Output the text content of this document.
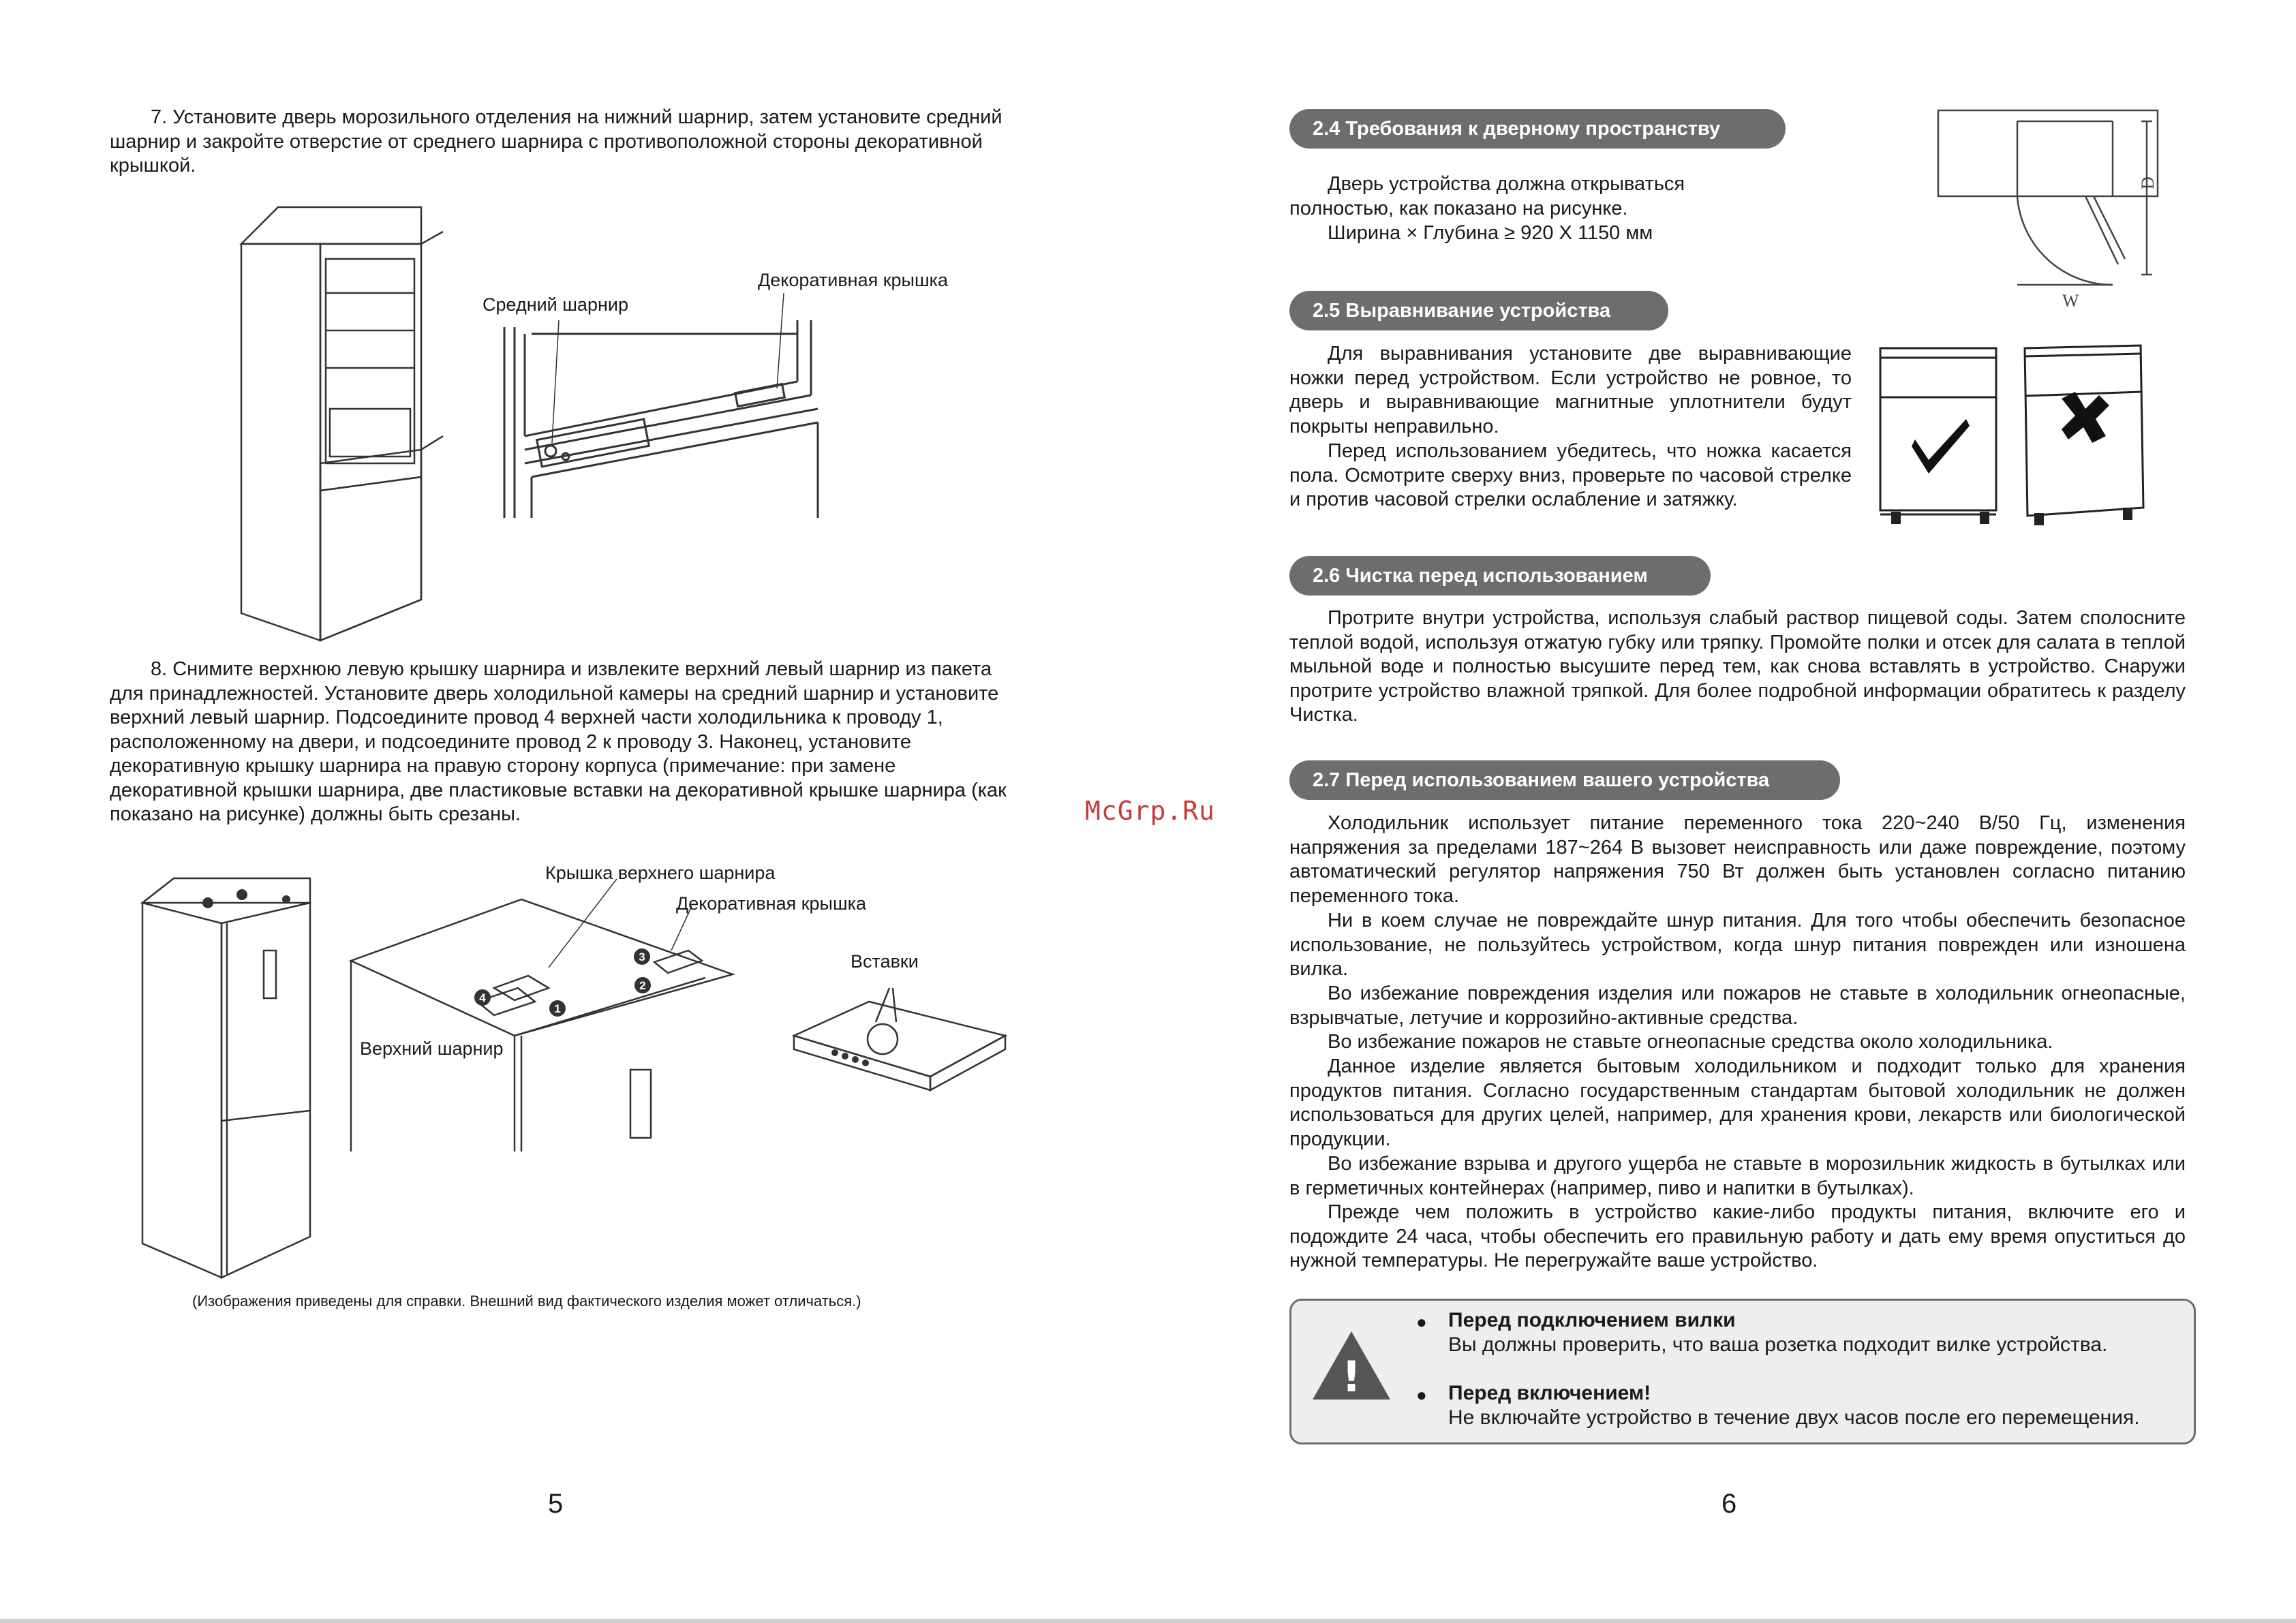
7. Установите дверь морозильного отделения на нижний шарнир, затем установите средний шарнир и закройте отверстие от среднего шарнира с противоположной стороны декоративной крышкой.

Средний шарнир
Декоративная крышка

8. Снимите верхнюю левую крышку шарнира и извлеките верхний левый шарнир из пакета для принадлежностей. Установите дверь холодильной камеры на средний шарнир и установите верхний левый шарнир. Подсоедините провод 4 верхней части холодильника к проводу 1, расположенному на двери, и подсоедините провод 2 к проводу 3. Наконец, установите декоративную крышку шарнира на правую сторону корпуса (примечание: при замене декоративной крышки шарнира, две пластиковые вставки на декоративной крышке шарнира (как показано на рисунке) должны быть срезаны.

1
2
3
4
Крышка верхнего шарнира
Декоративная крышка
Вставки
Верхний шарнир
(Изображения приведены для справки. Внешний вид фактического изделия может отличаться.)
5
McGrp.Ru
2.4 Требования к дверному пространству
Дверь устройства должна открываться
полностью, как показано на рисунке.
Ширина × Глубина ≥ 920 X 1150 мм
W
D
2.5 Выравнивание устройства

Для выравнивания установите две выравнивающие ножки перед устройством. Если устройство не ровное, то дверь и выравнивающие магнитные уплотнители будут покрыты неправильно.

Перед использованием убедитесь, что ножка касается пола. Осмотрите сверху вниз, проверьте по часовой стрелке и против часовой стрелки ослабление и затяжку.

2.6 Чистка перед использованием

Протрите внутри устройства, используя слабый раствор пищевой соды. Затем сполосните теплой водой, используя отжатую губку или тряпку. Промойте полки и отсек для салата в теплой мыльной воде и полностью высушите перед тем, как снова вставлять в устройство. Снаружи протрите устройство влажной тряпкой. Для более подробной информации обратитесь к разделу Чистка.

2.7 Перед использованием вашего устройства

Холодильник использует питание переменного тока 220~240 В/50 Гц, изменения напряжения за пределами 187~264 В вызовет неисправность или даже повреждение, поэтому автоматический регулятор напряжения 750 Вт должен быть установлен согласно питанию переменного тока.

Ни в коем случае не повреждайте шнур питания. Для того чтобы обеспечить безопасное использование, не пользуйтесь устройством, когда шнур питания поврежден или изношена вилка.

Во избежание повреждения изделия или пожаров не ставьте в холодильник огнеопасные, взрывчатые, летучие и коррозийно-активные средства.

Во избежание пожаров не ставьте огнеопасные средства около холодильника.

Данное изделие является бытовым холодильником и подходит только для хранения продуктов питания. Согласно государственным стандартам бытовой холодильник не должен использоваться для других целей, например, для хранения крови, лекарств или биологической продукции.

Во избежание взрыва и другого ущерба не ставьте в морозильник жидкость в бутылках или в герметичных контейнерах (например, пиво и напитки в бутылках).

Прежде чем положить в устройство какие-либо продукты питания, включите его и подождите 24 часа, чтобы обеспечить его правильную работу и дать ему время опуститься до нужной температуры. Не перегружайте ваше устройство.

!
● Перед подключением вилки
Вы должны проверить, что ваша розетка подходит вилке устройства.
● Перед включением!
Не включайте устройство в течение двух часов после его перемещения.
6
